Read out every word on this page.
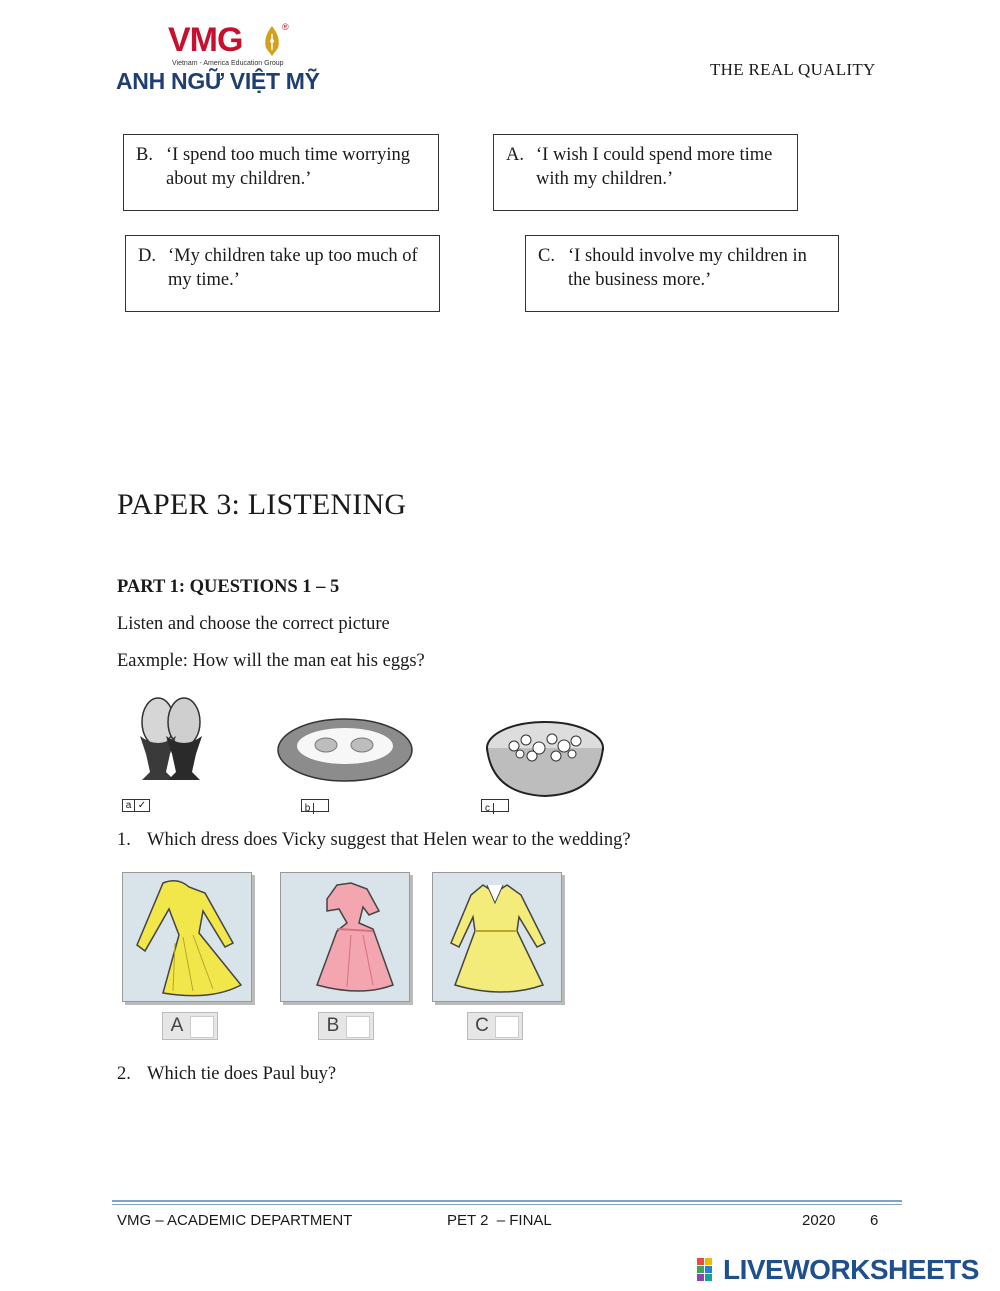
VMG	®
Vietnam - America Education Group
ANH NGỮ VIỆT MỸ	THE REAL QUALITY
B. ‘I spend too much time worrying about my children.’
A. ‘I wish I could spend more time with my children.’
D. ‘My children take up too much of my time.’
C. ‘I should involve my children in the business more.’
PAPER 3: LISTENING
PART 1: QUESTIONS 1 – 5
Listen and choose the correct picture
Eaxmple: How will the man eat his eggs?
a ✓	b	c
1. Which dress does Vicky suggest that Helen wear to the wedding?
A	B	C
2. Which tie does Paul buy?
VMG – ACADEMIC DEPARTMENT	PET 2  – FINAL	2020 6
LIVEWORKSHEETS
